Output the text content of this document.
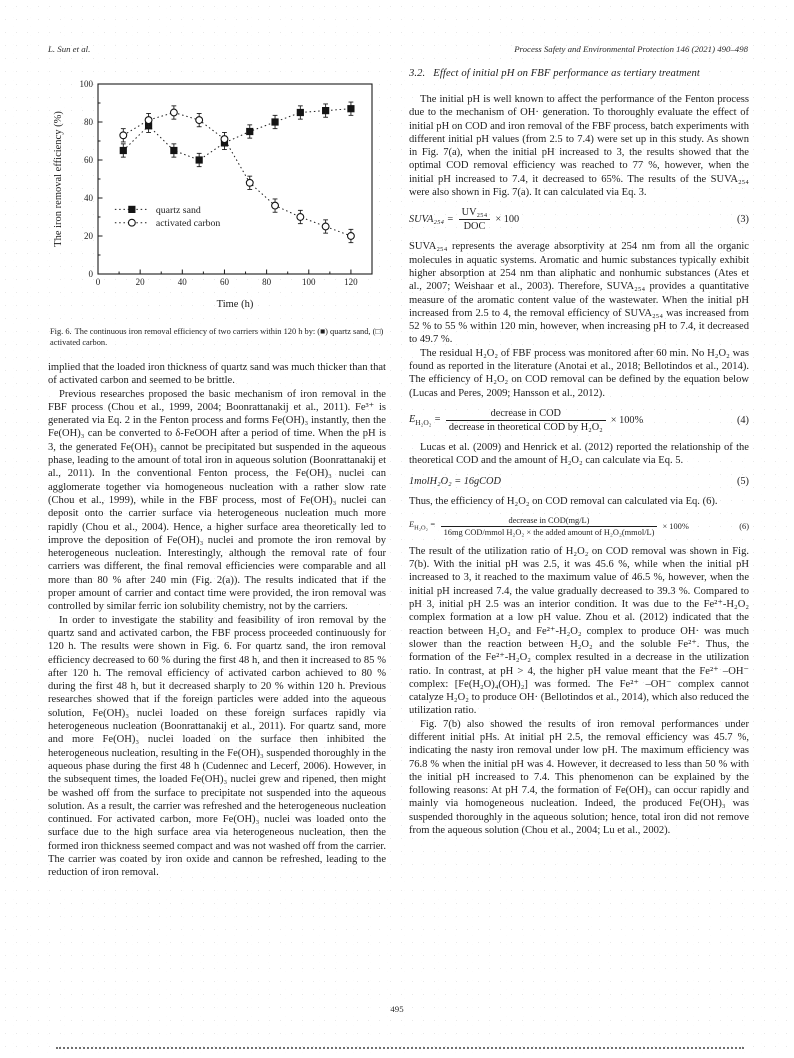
L. Sun et al.	Process Safety and Environmental Protection 146 (2021) 490–498
0	20	40	60	80	100	120
0
20
40
60
80
100
Time (h)
The iron removal efficiency (%)	quartz sand
activated carbon
Fig. 6. The continuous iron removal efficiency of two carriers within 120 h by: (■) quartz sand, (□) activated carbon.

implied that the loaded iron thickness of quartz sand was much thicker than that of activated carbon and seemed to be brittle.

Previous researches proposed the basic mechanism of iron removal in the FBF process (Chou et al., 1999, 2004; Boonrattanakij et al., 2011). Fe³⁺ is generated via Eq. 2 in the Fenton process and forms Fe(OH)₃ instantly, then the Fe(OH)₃ can be converted to δ-FeOOH after a period of time. When the pH is 3, the generated Fe(OH)₃ cannot be precipitated but suspended in the aqueous phase, leading to the amount of total iron in aqueous solution (Boonrattanakij et al., 2011). In the conventional Fenton process, the Fe(OH)₃ nuclei can agglomerate together via homogeneous nucleation with a rather slow rate (Chou et al., 1999), while in the FBF process, most of Fe(OH)₃ nuclei can deposit onto the carrier surface via heterogeneous nucleation much more rapidly (Chou et al., 2004). Hence, a higher surface area theoretically led to improve the deposition of Fe(OH)₃ nuclei and promote the iron removal by heterogeneous nucleation. Interestingly, although the removal rate of four carriers was different, the final removal efficiencies were comparable and all more than 80 % after 240 min (Fig. 2(a)). The results indicated that if the proper amount of carrier and contact time were provided, the iron removal was controlled by similar ferric ion solubility chemistry, not by the carriers.

In order to investigate the stability and feasibility of iron removal by the quartz sand and activated carbon, the FBF process proceeded continuously for 120 h. The results were shown in Fig. 6. For quartz sand, the iron removal efficiency decreased to 60 % during the first 48 h, and then it increased to 85 % after 120 h. The removal efficiency of activated carbon achieved to 80 % during the first 48 h, but it decreased sharply to 20 % within 120 h. Previous researches showed that if the foreign particles were added into the aqueous solution, Fe(OH)₃ nuclei loaded on these foreign surfaces rapidly via heterogeneous nucleation (Boonrattanakij et al., 2011). For quartz sand, more and more Fe(OH)₃ nuclei loaded on the surface then inhibited the heterogeneous nucleation, resulting in the Fe(OH)₃ suspended thoroughly in the aqueous phase during the first 48 h (Cudennec and Lecerf, 2006). However, in the subsequent times, the loaded Fe(OH)₃ nuclei grew and ripened, then might be washed off from the surface to precipitate not suspended into the aqueous solution. As a result, the carrier was refreshed and the heterogeneous nucleation continued. For activated carbon, more Fe(OH)₃ nuclei was loaded onto the surface due to the high surface area via heterogeneous nucleation, then the formed iron thickness seemed compact and was not washed off from the carrier. The carrier was coated by iron oxide and cannon be refreshed, leading to the reduction of iron removal.

3.2. Effect of initial pH on FBF performance as tertiary treatment

The initial pH is well known to affect the performance of the Fenton process due to the mechanism of OH· generation. To thoroughly evaluate the effect of initial pH on COD and iron removal of the FBF process, batch experiments with different initial pH values (from 2.5 to 7.4) were set up in this study. As shown in Fig. 7(a), when the initial pH increased to 3, the results showed that the optimal COD removal efficiency was reached to 77 %, however, when the initial pH increased to 7.4, it decreased to 65%. The results of the SUVA₂₅₄ were also shown in Fig. 7(a). It can calculated via Eq. 3.

SUVA₂₅₄ = $\frac{\text{UV₂₅₄}}{\text{DOC}} \times 100$	(3)

SUVA₂₅₄ represents the average absorptivity at 254 nm from all the organic molecules in aquatic systems. Aromatic and humic substances typically exhibit higher absorption at 254 nm than aliphatic and nonhumic substances (Ates et al., 2007; Weishaar et al., 2003). Therefore, SUVA₂₅₄ provides a quantitative measure of the aromatic content value of the wastewater. When the initial pH increased from 2.5 to 4, the removal efficiency of SUVA₂₅₄ was increased from 52 % to 55 % within 120 min, however, when increasing pH to 7.4, it decreased to 49.7 %.

The residual H₂O₂ of FBF process was monitored after 60 min. No H₂O₂ was found as reported in the literature (Anotai et al., 2018; Bellotindos et al., 2014). The efficiency of H₂O₂ on COD removal can be defined by the equation below (Lucas and Peres, 2009; Hansson et al., 2012).

$E_{H_2O_2} = \frac{\text{decrease in COD}}{\text{decrease in theoretical COD by H₂O₂}} \times 100\%$	(4)

Lucas et al. (2009) and Henrick et al. (2012) reported the relationship of the theoretical COD and the amount of H₂O₂ can calculate via Eq. 5.

1molH₂O₂ = 16gCOD	(5)

Thus, the efficiency of H₂O₂ on COD removal can calculated via Eq. (6).

$E_{H_2O_2} = \frac{\text{decrease in COD(mg/L)}}{\text{16mg COD/mmol H₂O₂ × the added amount of H₂O₂(mmol/L)}} \times 100\%$	(6)

The result of the utilization ratio of H₂O₂ on COD removal was shown in Fig. 7(b). With the initial pH was 2.5, it was 45.6 %, while when the initial pH increased to 3, it reached to the maximum value of 46.5 %, however, when the initial pH increased 7.4, the value gradually decreased to 39.3 %. Compared to pH 3, initial pH 2.5 was an interior condition. It was due to the Fe²⁺-H₂O₂ complex formation at a low pH value. Zhou et al. (2012) indicated that the reaction between H₂O₂ and Fe²⁺-H₂O₂ complex to produce OH· was much slower than the reaction between H₂O₂ and the soluble Fe²⁺. Thus, the formation of the Fe²⁺-H₂O₂ complex resulted in a decrease in the utilization ratio. In contrast, at pH > 4, the higher pH value meant that the Fe²⁺ –OH⁻ complex: [Fe(H₂O)₄(OH)₂] was formed. The Fe²⁺ –OH⁻ complex cannot catalyze H₂O₂ to produce OH· (Bellotindos et al., 2014), which also reduced the utilization ratio.

Fig. 7(b) also showed the results of iron removal performances under different initial pHs. At initial pH 2.5, the removal efficiency was 45.7 %, indicating the nasty iron removal under low pH. The maximum efficiency was 76.8 % when the initial pH was 4. However, it decreased to less than 50 % with the initial pH increased to 7.4. This phenomenon can be explained by the following reasons: At pH 7.4, the formation of Fe(OH)₃ can occur rapidly and mainly via homogeneous nucleation. Indeed, the produced Fe(OH)₃ was suspended thoroughly in the aqueous solution; hence, total iron did not remove from the aqueous solution (Chou et al., 2004; Lu et al., 2002).

495
